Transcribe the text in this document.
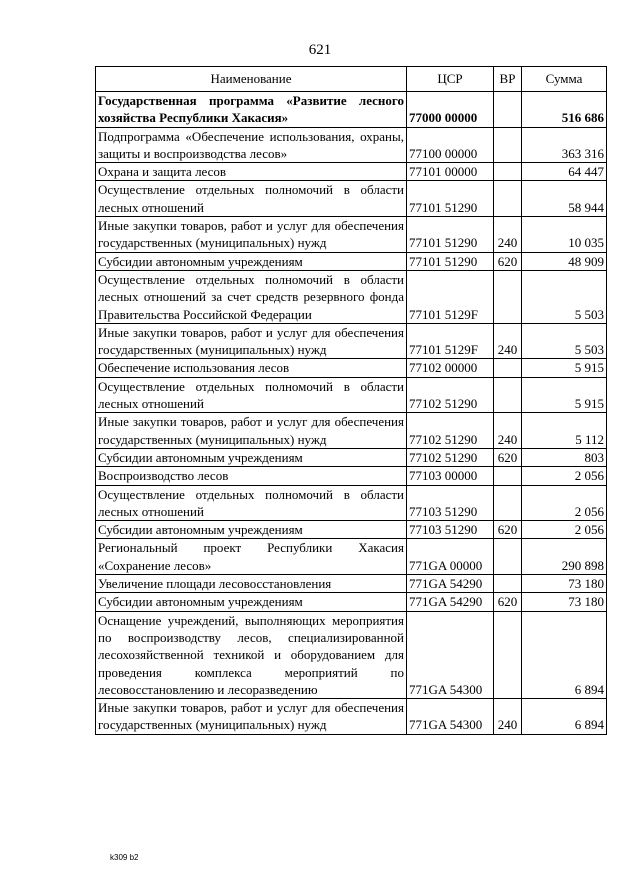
621
Наименование	ЦСР	ВР	Сумма
Государственная программа «Развитие лесного хозяйства Республики Хакасия»	77000 00000		516 686
Подпрограмма «Обеспечение использования, охраны, защиты и воспроизводства лесов»	77100 00000		363 316
Охрана и защита лесов	77101 00000		64 447
Осуществление отдельных полномочий в области лесных отношений	77101 51290		58 944
Иные закупки товаров, работ и услуг для обеспечения государственных (муниципальных) нужд	77101 51290	240	10 035
Субсидии автономным учреждениям	77101 51290	620	48 909
Осуществление отдельных полномочий в области лесных отношений за счет средств резервного фонда Правительства Российской Федерации	77101 5129F		5 503
Иные закупки товаров, работ и услуг для обеспечения государственных (муниципальных) нужд	77101 5129F	240	5 503
Обеспечение использования лесов	77102 00000		5 915
Осуществление отдельных полномочий в области лесных отношений	77102 51290		5 915
Иные закупки товаров, работ и услуг для обеспечения государственных (муниципальных) нужд	77102 51290	240	5 112
Субсидии автономным учреждениям	77102 51290	620	803
Воспроизводство лесов	77103 00000		2 056
Осуществление отдельных полномочий в области лесных отношений	77103 51290		2 056
Субсидии автономным учреждениям	77103 51290	620	2 056
Региональный проект Республики Хакасия «Сохранение лесов»	771GA 00000		290 898
Увеличение площади лесовосстановления	771GA 54290		73 180
Субсидии автономным учреждениям	771GA 54290	620	73 180
Оснащение учреждений, выполняющих мероприятия по воспроизводству лесов, специализированной лесохозяйственной техникой и оборудованием для проведения комплекса мероприятий по лесовосстановлению и лесоразведению	771GA 54300		6 894
Иные закупки товаров, работ и услуг для обеспечения государственных (муниципальных) нужд	771GA 54300	240	6 894
k309 b2
